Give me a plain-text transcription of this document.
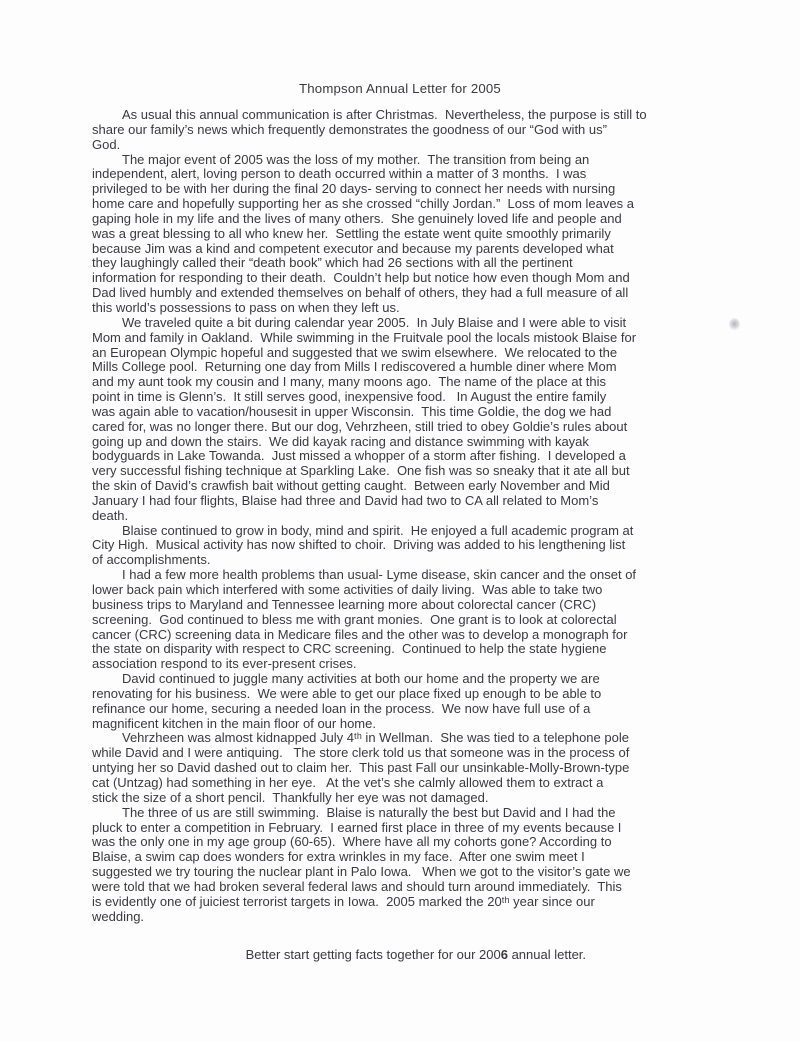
Thompson Annual Letter for 2005
As usual this annual communication is after Christmas.  Nevertheless, the purpose is still to
share our family’s news which frequently demonstrates the goodness of our “God with us”
God.
The major event of 2005 was the loss of my mother.  The transition from being an
independent, alert, loving person to death occurred within a matter of 3 months.  I was
privileged to be with her during the final 20 days- serving to connect her needs with nursing
home care and hopefully supporting her as she crossed “chilly Jordan.”  Loss of mom leaves a
gaping hole in my life and the lives of many others.  She genuinely loved life and people and
was a great blessing to all who knew her.  Settling the estate went quite smoothly primarily
because Jim was a kind and competent executor and because my parents developed what
they laughingly called their “death book” which had 26 sections with all the pertinent
information for responding to their death.  Couldn’t help but notice how even though Mom and
Dad lived humbly and extended themselves on behalf of others, they had a full measure of all
this world’s possessions to pass on when they left us.
We traveled quite a bit during calendar year 2005.  In July Blaise and I were able to visit
Mom and family in Oakland.  While swimming in the Fruitvale pool the locals mistook Blaise for
an European Olympic hopeful and suggested that we swim elsewhere.  We relocated to the
Mills College pool.  Returning one day from Mills I rediscovered a humble diner where Mom
and my aunt took my cousin and I many, many moons ago.  The name of the place at this
point in time is Glenn’s.  It still serves good, inexpensive food.   In August the entire family
was again able to vacation/housesit in upper Wisconsin.  This time Goldie, the dog we had
cared for, was no longer there. But our dog, Vehrzheen, still tried to obey Goldie’s rules about
going up and down the stairs.  We did kayak racing and distance swimming with kayak
bodyguards in Lake Towanda.  Just missed a whopper of a storm after fishing.  I developed a
very successful fishing technique at Sparkling Lake.  One fish was so sneaky that it ate all but
the skin of David’s crawfish bait without getting caught.  Between early November and Mid
January I had four flights, Blaise had three and David had two to CA all related to Mom’s
death.
Blaise continued to grow in body, mind and spirit.  He enjoyed a full academic program at
City High.  Musical activity has now shifted to choir.  Driving was added to his lengthening list
of accomplishments.
I had a few more health problems than usual- Lyme disease, skin cancer and the onset of
lower back pain which interfered with some activities of daily living.  Was able to take two
business trips to Maryland and Tennessee learning more about colorectal cancer (CRC)
screening.  God continued to bless me with grant monies.  One grant is to look at colorectal
cancer (CRC) screening data in Medicare files and the other was to develop a monograph for
the state on disparity with respect to CRC screening.  Continued to help the state hygiene
association respond to its ever-present crises.
David continued to juggle many activities at both our home and the property we are
renovating for his business.  We were able to get our place fixed up enough to be able to
refinance our home, securing a needed loan in the process.  We now have full use of a
magnificent kitchen in the main floor of our home.
Vehrzheen was almost kidnapped July 4ᵗʰ in Wellman.  She was tied to a telephone pole
while David and I were antiquing.   The store clerk told us that someone was in the process of
untying her so David dashed out to claim her.  This past Fall our unsinkable-Molly-Brown-type
cat (Untzag) had something in her eye.   At the vet’s she calmly allowed them to extract a
stick the size of a short pencil.  Thankfully her eye was not damaged.
The three of us are still swimming.  Blaise is naturally the best but David and I had the
pluck to enter a competition in February.  I earned first place in three of my events because I
was the only one in my age group (60-65).  Where have all my cohorts gone? According to
Blaise, a swim cap does wonders for extra wrinkles in my face.  After one swim meet I
suggested we try touring the nuclear plant in Palo Iowa.   When we got to the visitor’s gate we
were told that we had broken several federal laws and should turn around immediately.  This
is evidently one of juiciest terrorist targets in Iowa.  2005 marked the 20ᵗʰ year since our
wedding.

Better start getting facts together for our 2006 annual letter.
